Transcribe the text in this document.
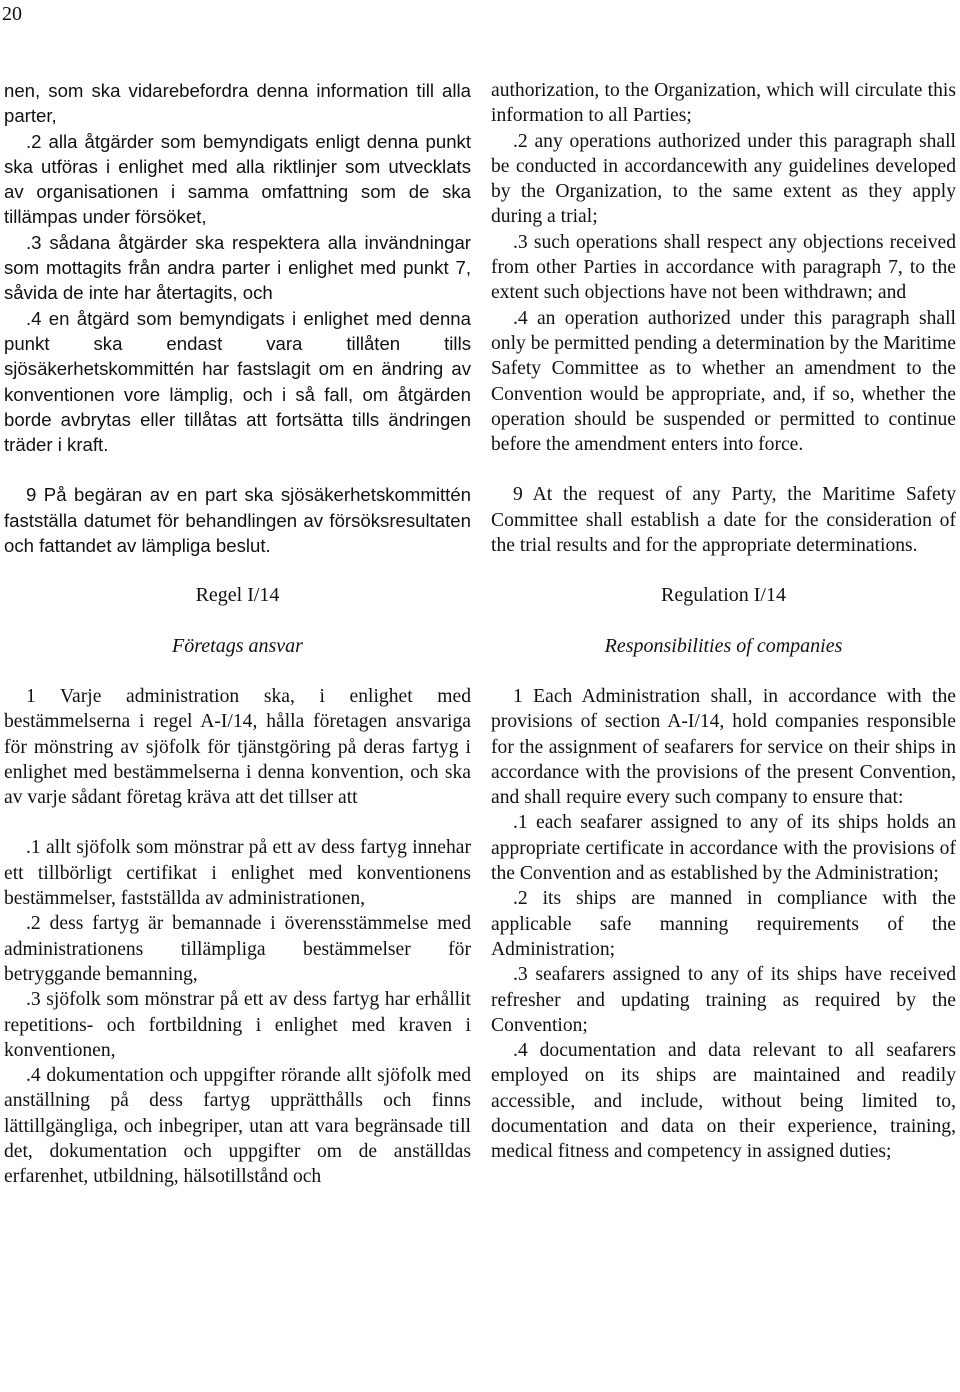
20

nen, som ska vidarebefordra denna information till alla parter,

.2 alla åtgärder som bemyndigats enligt denna punkt ska utföras i enlighet med alla riktlinjer som utvecklats av organisationen i samma omfattning som de ska tillämpas under försöket,

.3 sådana åtgärder ska respektera alla invändningar som mottagits från andra parter i enlighet med punkt 7, såvida de inte har återtagits, och

.4 en åtgärd som bemyndigats i enlighet med denna punkt ska endast vara tillåten tills sjösäkerhetskommittén har fastslagit om en ändring av konventionen vore lämplig, och i så fall, om åtgärden borde avbrytas eller tillåtas att fortsätta tills ändringen träder i kraft.

9 På begäran av en part ska sjösäkerhetskommittén fastställa datumet för behandlingen av försöksresultaten och fattandet av lämpliga beslut.

Regel I/14

Företags ansvar

1 Varje administration ska, i enlighet med bestämmelserna i regel A-I/14, hålla företagen ansvariga för mönstring av sjöfolk för tjänstgöring på deras fartyg i enlighet med bestämmelserna i denna konvention, och ska av varje sådant företag kräva att det tillser att

.1 allt sjöfolk som mönstrar på ett av dess fartyg innehar ett tillbörligt certifikat i enlighet med konventionens bestämmelser, fastställda av administrationen,

.2 dess fartyg är bemannade i överensstämmelse med administrationens tillämpliga bestämmelser för betryggande bemanning,

.3 sjöfolk som mönstrar på ett av dess fartyg har erhållit repetitions- och fortbildning i enlighet med kraven i konventionen,

.4 dokumentation och uppgifter rörande allt sjöfolk med anställning på dess fartyg upprätthålls och finns lättillgängliga, och inbegriper, utan att vara begränsade till det, dokumentation och uppgifter om de anställdas erfarenhet, utbildning, hälsotillstånd och

authorization, to the Organization, which will circulate this information to all Parties;

.2 any operations authorized under this paragraph shall be conducted in accordancewith any guidelines developed by the Organization, to the same extent as they apply during a trial;

.3 such operations shall respect any objections received from other Parties in accordance with paragraph 7, to the extent such objections have not been withdrawn; and

.4 an operation authorized under this paragraph shall only be permitted pending a determination by the Maritime Safety Committee as to whether an amendment to the Convention would be appropriate, and, if so, whether the operation should be suspended or permitted to continue before the amendment enters into force.

9 At the request of any Party, the Maritime Safety Committee shall establish a date for the consideration of the trial results and for the appropriate determinations.

Regulation I/14

Responsibilities of companies

1 Each Administration shall, in accordance with the provisions of section A-I/14, hold companies responsible for the assignment of seafarers for service on their ships in accordance with the provisions of the present Convention, and shall require every such company to ensure that:

.1 each seafarer assigned to any of its ships holds an appropriate certificate in accordance with the provisions of the Convention and as established by the Administration;

.2 its ships are manned in compliance with the applicable safe manning requirements of the Administration;

.3 seafarers assigned to any of its ships have received refresher and updating training as required by the Convention;

.4 documentation and data relevant to all seafarers employed on its ships are maintained and readily accessible, and include, without being limited to, documentation and data on their experience, training, medical fitness and competency in assigned duties;
